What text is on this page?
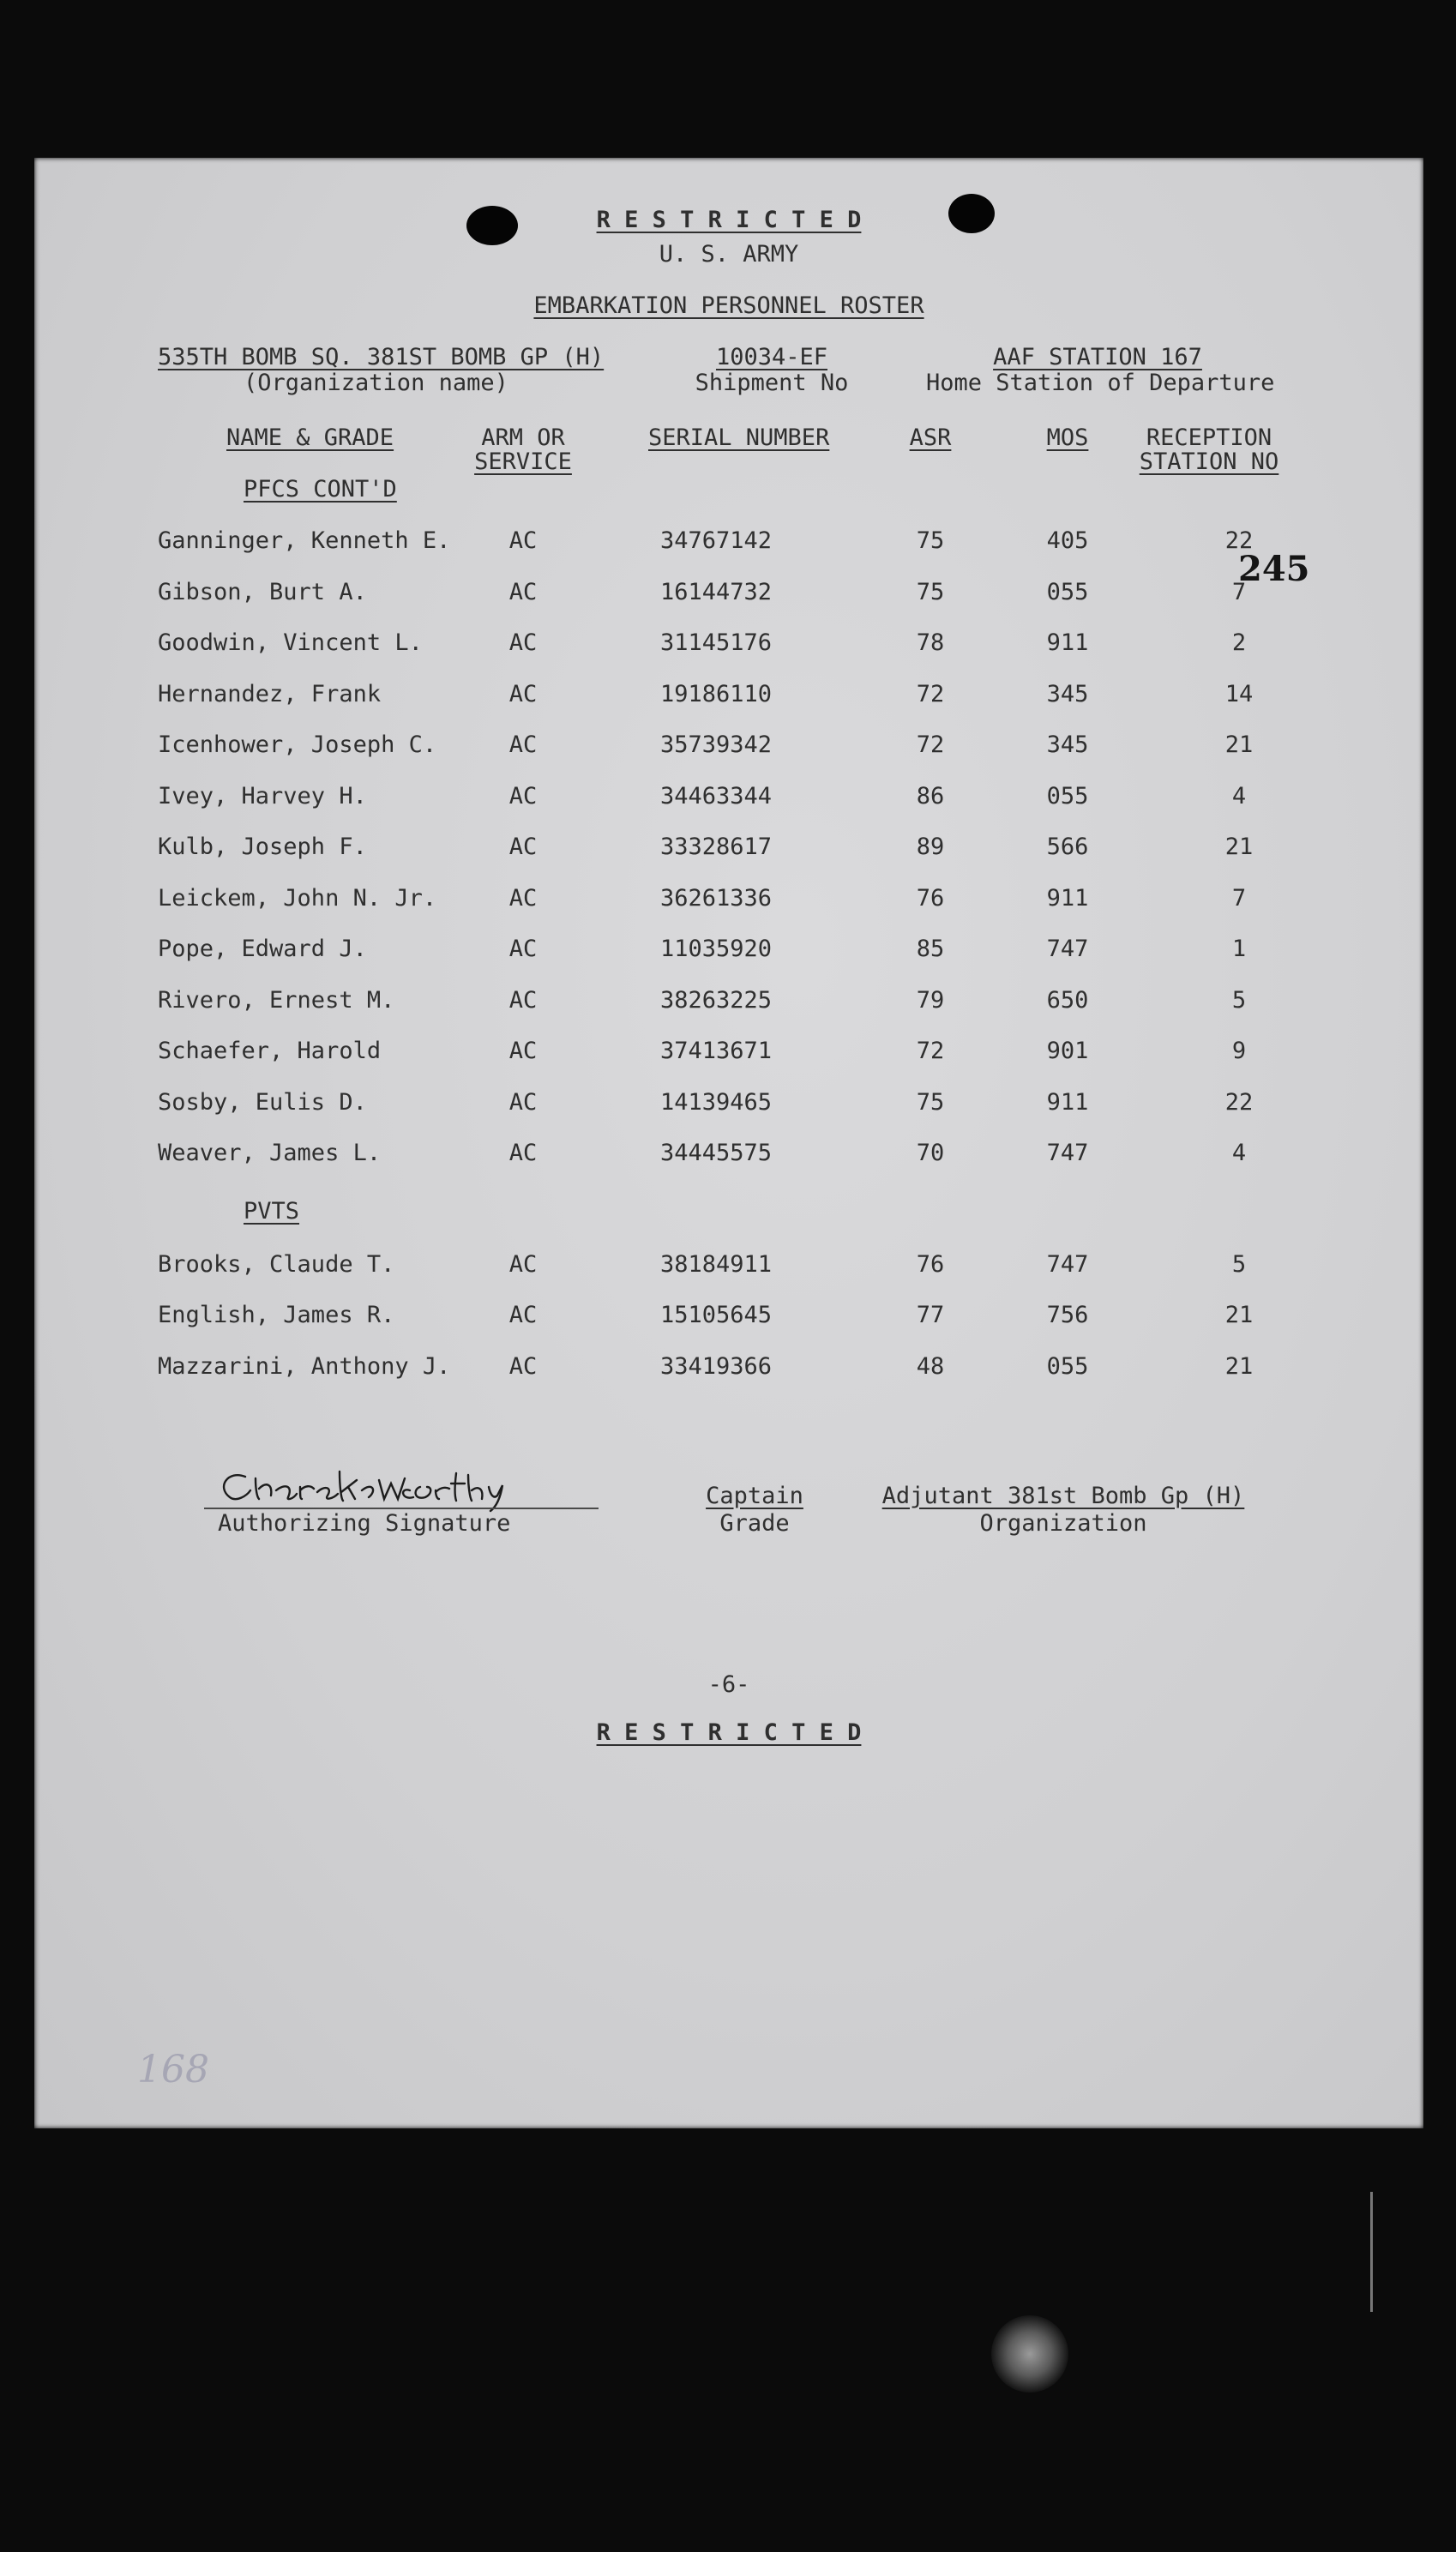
R E S T R I C T E D
U. S. ARMY
EMBARKATION PERSONNEL ROSTER
535TH BOMB SQ. 381ST BOMB GP (H)
(Organization name)
10034-EF
Shipment No
AAF STATION 167
Home Station of Departure
NAME & GRADE	ARM OR
SERVICE
SERIAL NUMBER	ASR	MOS	RECEPTION
STATION NO
245
PFCS CONT'D
Ganninger, Kenneth E.	AC	34767142	75	405	22
Gibson, Burt A.	AC	16144732	75	055	7
Goodwin, Vincent L.	AC	31145176	78	911	2
Hernandez, Frank	AC	19186110	72	345	14
Icenhower, Joseph C.	AC	35739342	72	345	21
Ivey, Harvey H.	AC	34463344	86	055	4
Kulb, Joseph F.	AC	33328617	89	566	21
Leickem, John N. Jr.	AC	36261336	76	911	7
Pope, Edward J.	AC	11035920	85	747	1
Rivero, Ernest M.	AC	38263225	79	650	5
Schaefer, Harold	AC	37413671	72	901	9
Sosby, Eulis D.	AC	14139465	75	911	22
Weaver, James L.	AC	34445575	70	747	4
PVTS
Brooks, Claude T.	AC	38184911	76	747	5
English, James R.	AC	15105645	77	756	21
Mazzarini, Anthony J.	AC	33419366	48	055	21
Authorizing Signature
Captain
Grade
Adjutant 381st Bomb Gp (H)
Organization
-6-
R E S T R I C T E D
168
